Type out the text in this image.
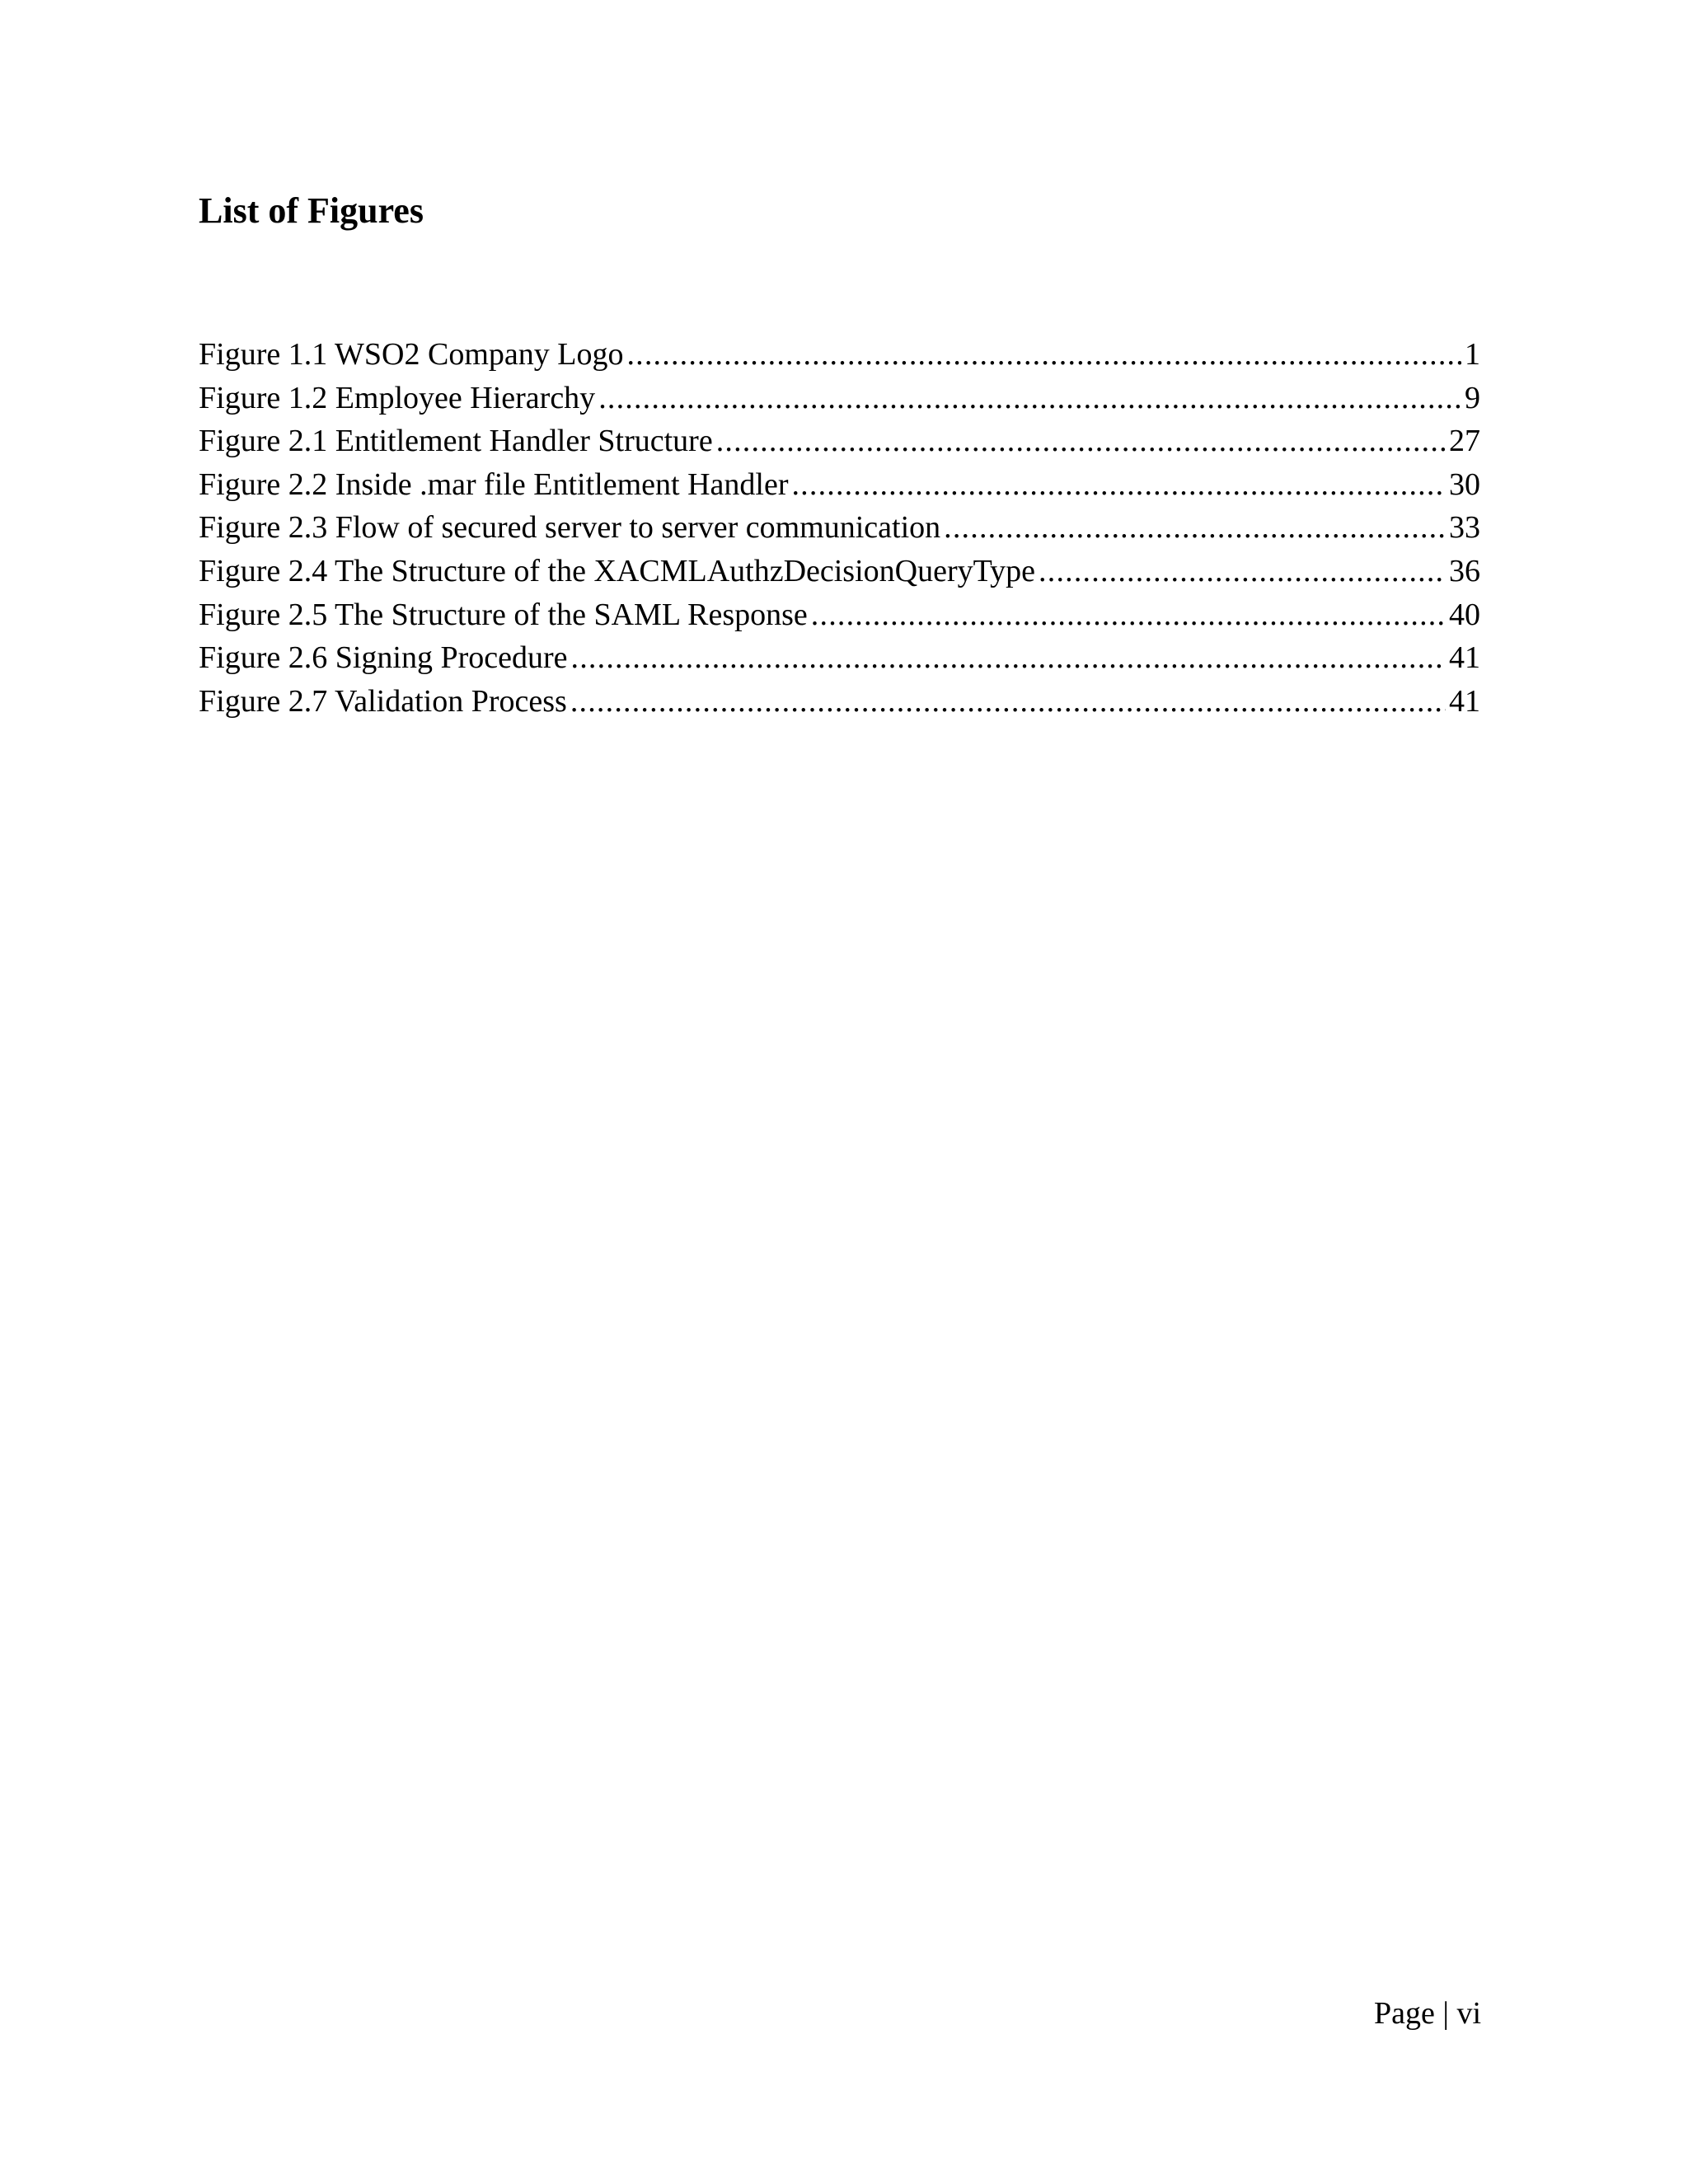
List of Figures
Figure 1.1 WSO2 Company Logo .....	1
Figure 1.2 Employee Hierarchy .....	9
Figure 2.1 Entitlement Handler Structure .....	27
Figure 2.2 Inside .mar file Entitlement Handler .....	30
Figure 2.3 Flow of secured server to server communication .....	33
Figure 2.4 The Structure of the XACMLAuthzDecisionQueryType .....	36
Figure 2.5 The Structure of the SAML Response .....	40
Figure 2.6 Signing Procedure .....	41
Figure 2.7 Validation Process .....	41
Page | vi
